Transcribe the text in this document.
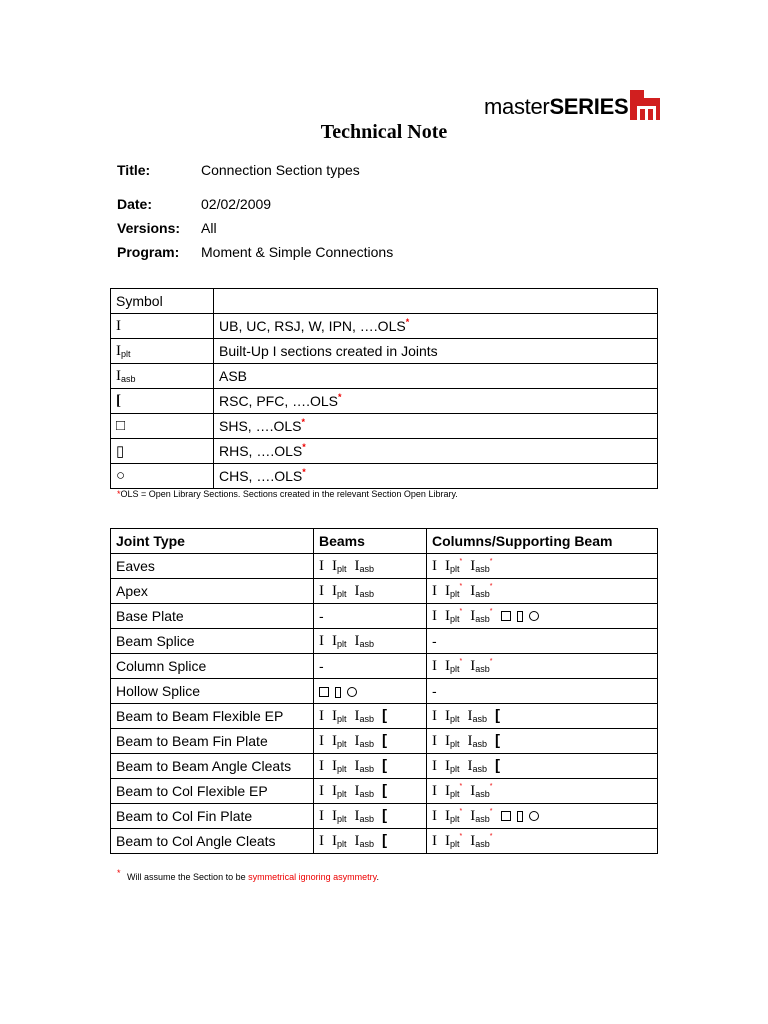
masterSERIES
Technical Note
Title:	Connection Section types
Date:	02/02/2009
Versions: All
Program: Moment & Simple Connections
Symbol	
I	UB, UC, RSJ, W, IPN, ….OLS*
Iplt	Built-Up I sections created in Joints
Iasb	ASB
[	RSC, PFC, ….OLS*
□	SHS, ….OLS*
▯	RHS, ….OLS*
○	CHS, ….OLS*
*OLS = Open Library Sections. Sections created in the relevant Section Open Library.
Joint Type	Beams	Columns/Supporting Beam
Eaves	I Iplt Iasb	I Iplt* Iasb*
Apex	I Iplt Iasb	I Iplt* Iasb*
Base Plate	-	I Iplt* Iasb*
Beam Splice	I Iplt Iasb	-
Column Splice	-	I Iplt* Iasb*
Hollow Splice		-
Beam to Beam Flexible EP	I Iplt Iasb [	I Iplt Iasb [
Beam to Beam Fin Plate	I Iplt Iasb [	I Iplt Iasb [
Beam to Beam Angle Cleats	I Iplt Iasb [	I Iplt Iasb [
Beam to Col Flexible EP	I Iplt Iasb [	I Iplt* Iasb*
Beam to Col Fin Plate	I Iplt Iasb [	I Iplt* Iasb*
Beam to Col Angle Cleats	I Iplt Iasb [	I Iplt* Iasb*
* Will assume the Section to be symmetrical ignoring asymmetry.
